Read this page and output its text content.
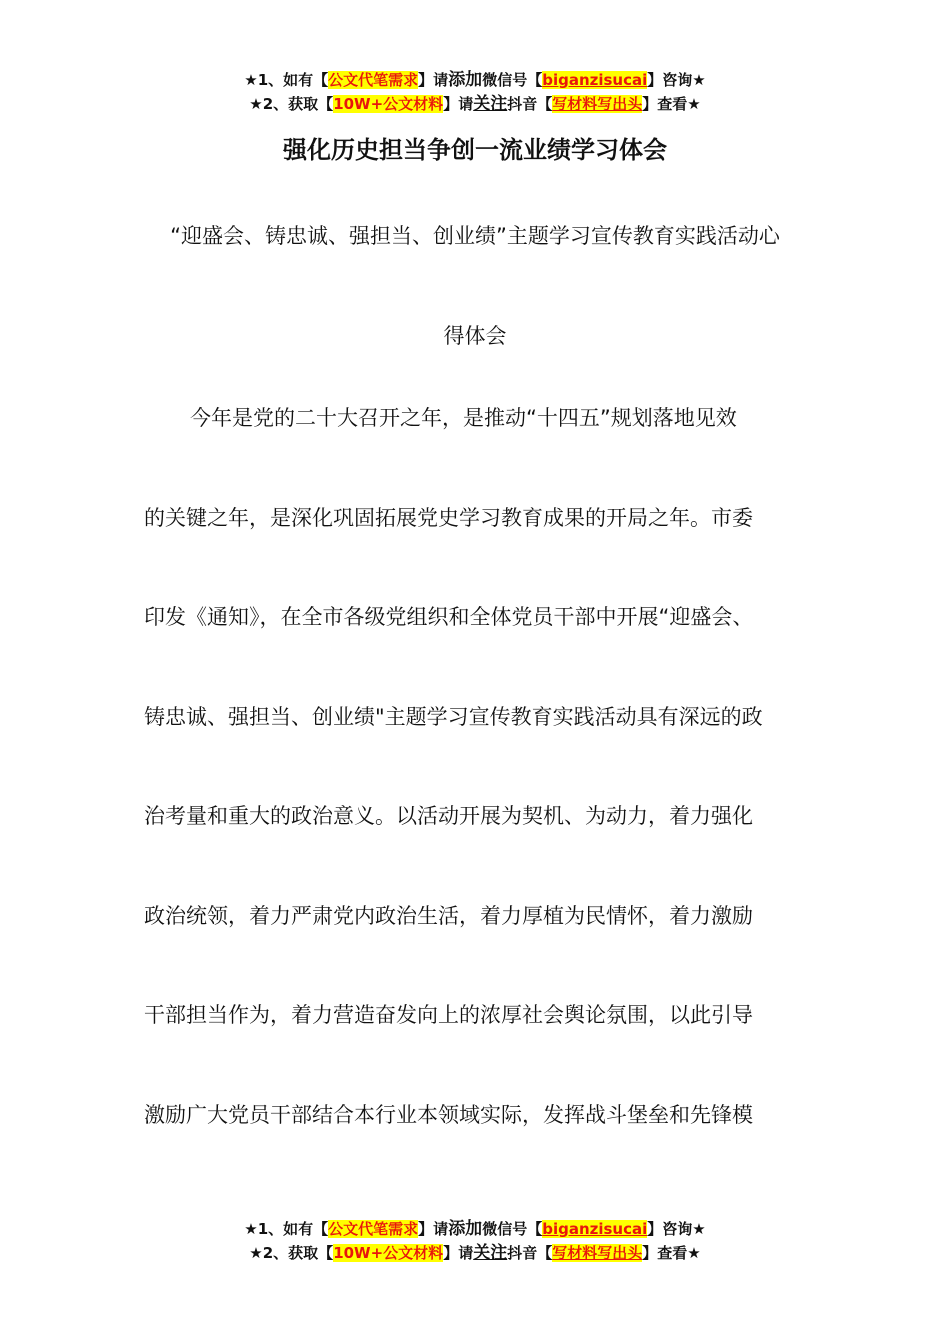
★1、如有【公文代笔需求】请添加微信号【biganzisucai】咨询★
★2、获取【10W+公文材料】请关注抖音【写材料写出头】查看★
强化历史担当争创一流业绩学习体会
“迎盛会、铸忠诚、强担当、创业绩”主题学习宣传教育实践活动心
得体会
今年是党的二十大召开之年，是推动“十四五”规划落地见效
的关键之年，是深化巩固拓展党史学习教育成果的开局之年。市委
印发《通知》，在全市各级党组织和全体党员干部中开展“迎盛会、
铸忠诚、强担当、创业绩"主题学习宣传教育实践活动具有深远的政
治考量和重大的政治意义。以活动开展为契机、为动力，着力强化
政治统领，着力严肃党内政治生活，着力厚植为民情怀，着力激励
干部担当作为，着力营造奋发向上的浓厚社会舆论氛围，以此引导
激励广大党员干部结合本行业本领域实际，发挥战斗堡垒和先锋模
★1、如有【公文代笔需求】请添加微信号【biganzisucai】咨询★
★2、获取【10W+公文材料】请关注抖音【写材料写出头】查看★
